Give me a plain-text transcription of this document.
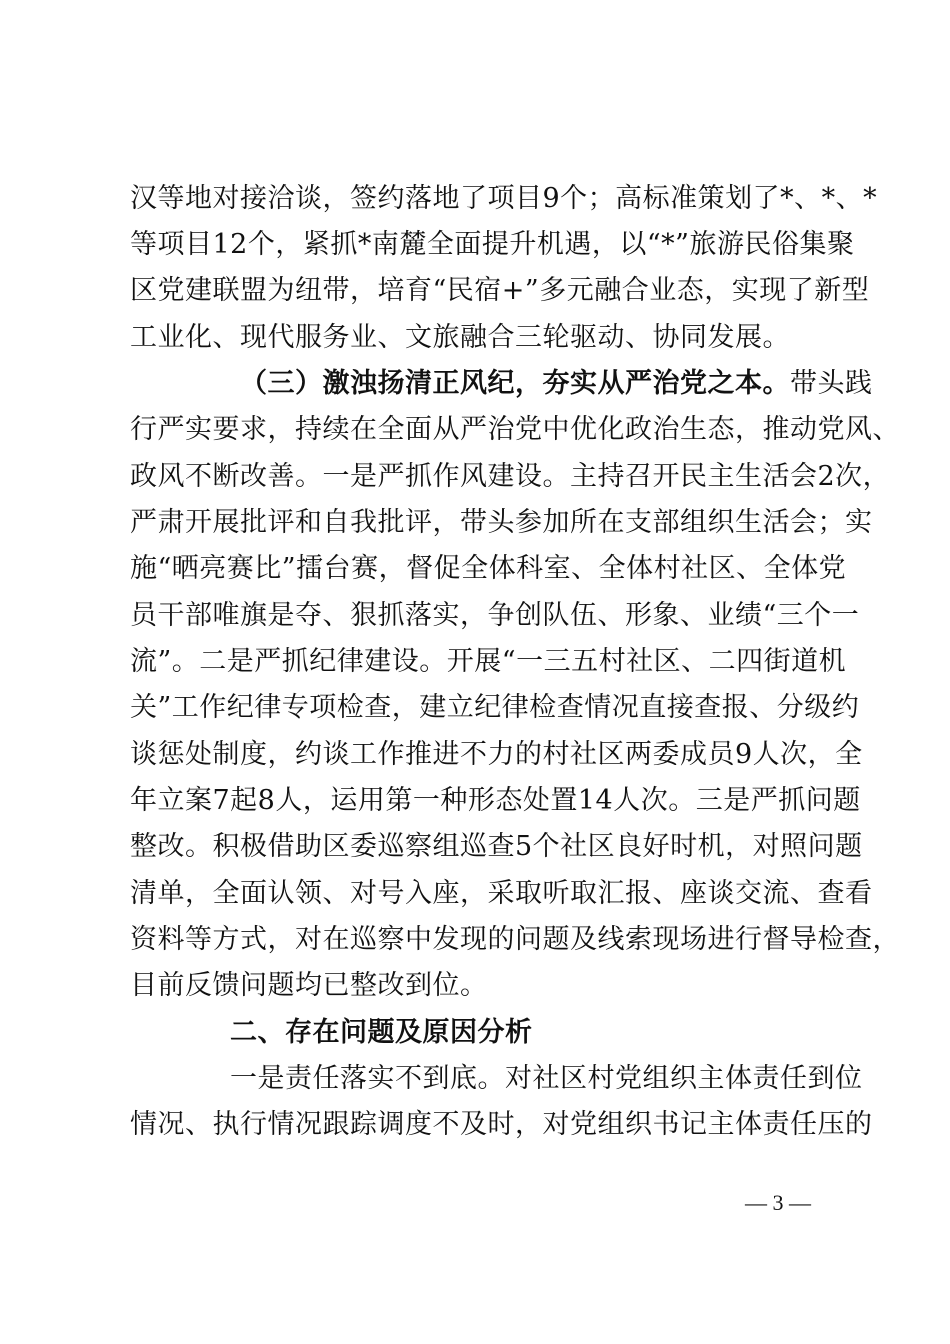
汉等地对接洽谈，签约落地了项目9个；高标准策划了*、*、*
等项目12个，紧抓*南麓全面提升机遇，以“*”旅游民俗集聚
区党建联盟为纽带，培育“民宿+”多元融合业态，实现了新型
工业化、现代服务业、文旅融合三轮驱动、协同发展。
（三）激浊扬清正风纪，夯实从严治党之本。带头践
行严实要求，持续在全面从严治党中优化政治生态，推动党风、
政风不断改善。一是严抓作风建设。主持召开民主生活会2次，
严肃开展批评和自我批评，带头参加所在支部组织生活会；实
施“晒亮赛比”擂台赛，督促全体科室、全体村社区、全体党
员干部唯旗是夺、狠抓落实，争创队伍、形象、业绩“三个一
流”。二是严抓纪律建设。开展“一三五村社区、二四街道机
关”工作纪律专项检查，建立纪律检查情况直接查报、分级约
谈惩处制度，约谈工作推进不力的村社区两委成员9人次，全
年立案7起8人，运用第一种形态处置14人次。三是严抓问题
整改。积极借助区委巡察组巡查5个社区良好时机，对照问题
清单，全面认领、对号入座，采取听取汇报、座谈交流、查看
资料等方式，对在巡察中发现的问题及线索现场进行督导检查，
目前反馈问题均已整改到位。
二、存在问题及原因分析
一是责任落实不到底。对社区村党组织主体责任到位
情况、执行情况跟踪调度不及时，对党组织书记主体责任压的
— 3 —
